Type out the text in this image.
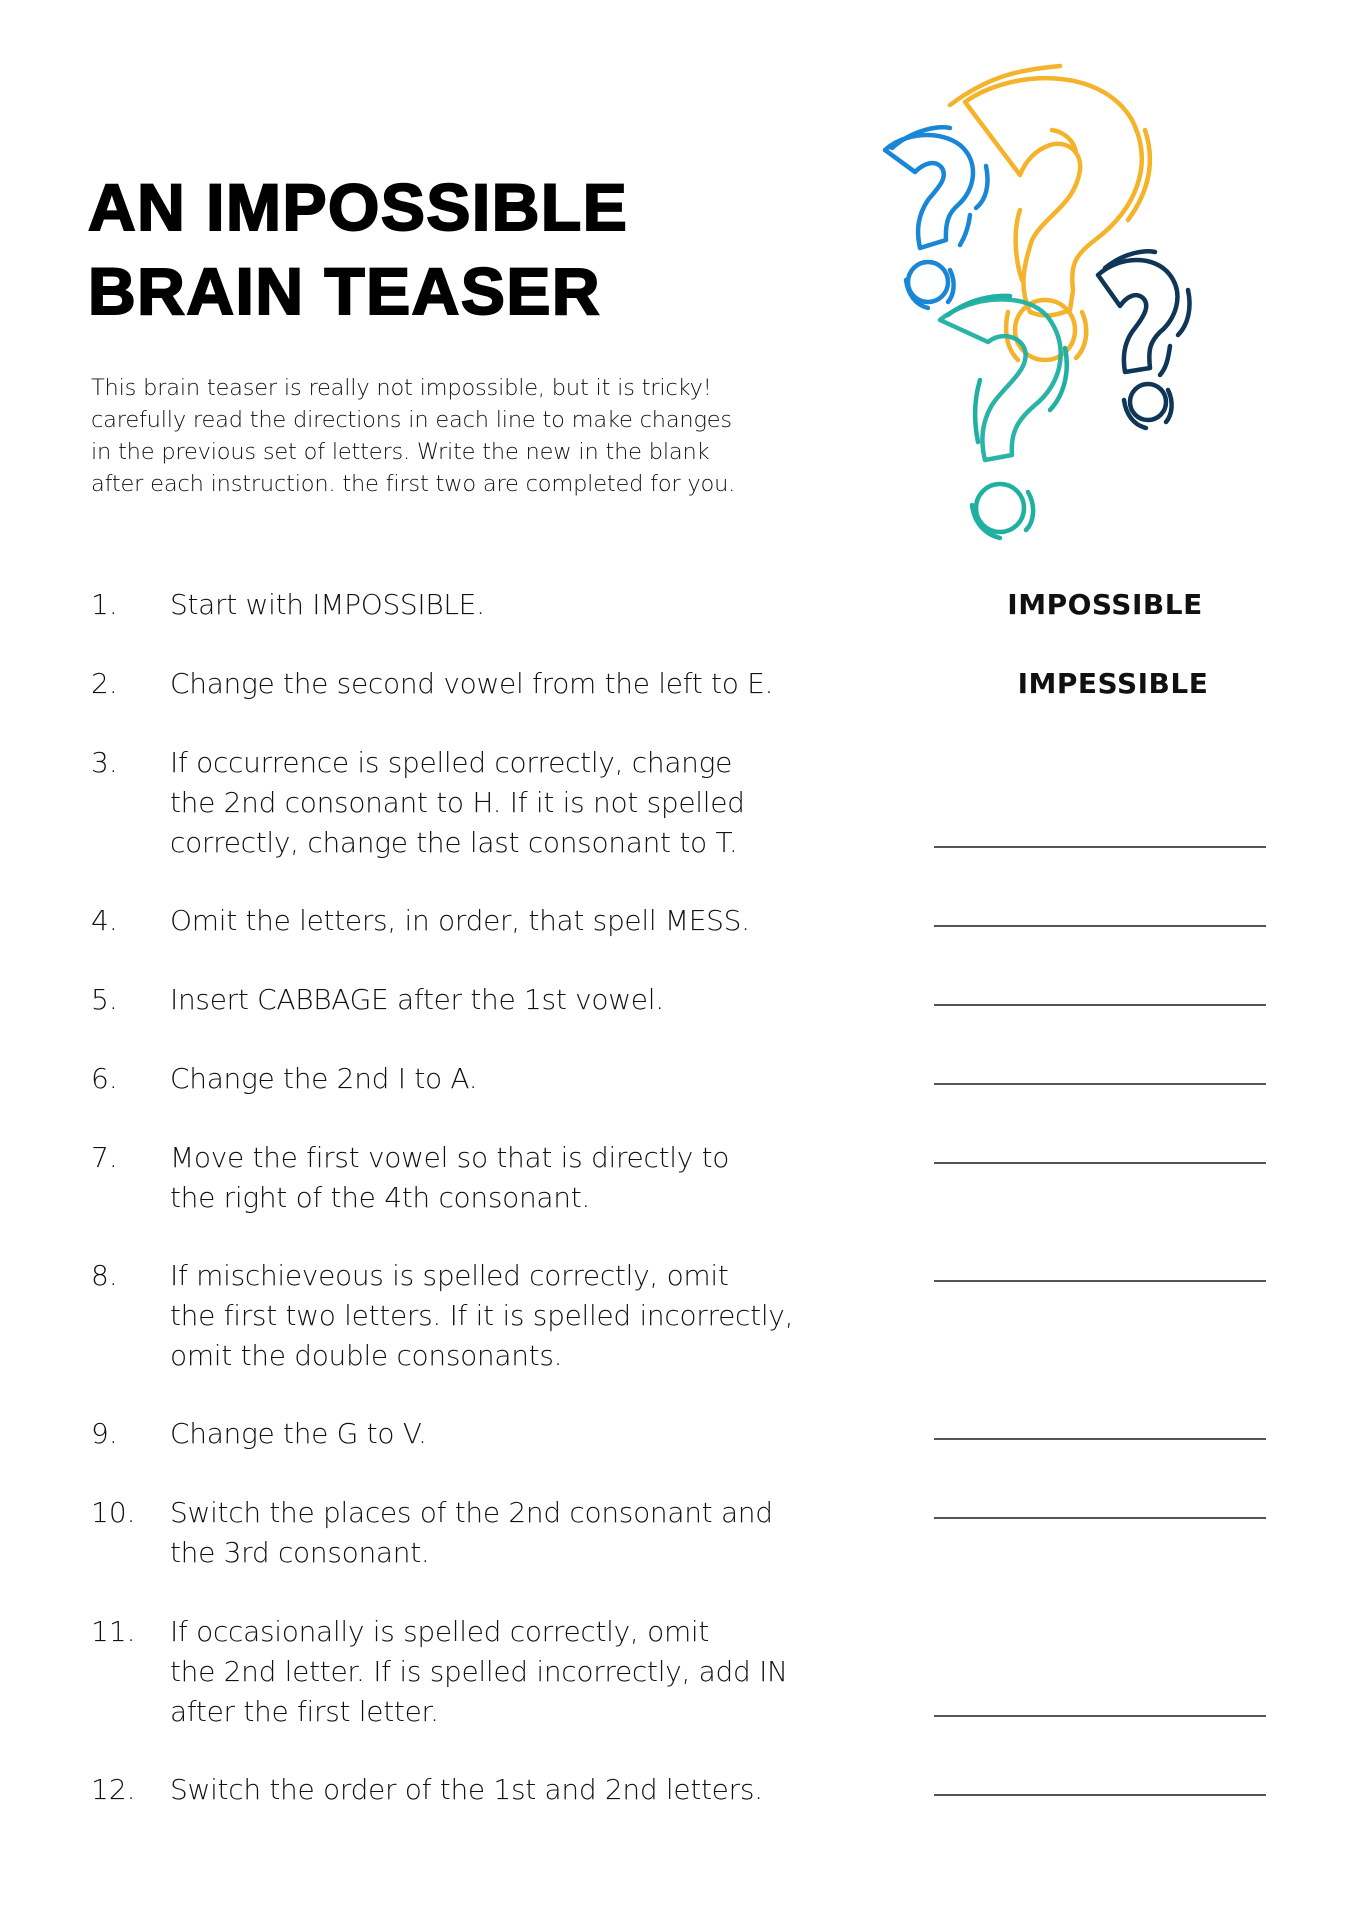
AN IMPOSSIBLE
BRAIN TEASER

This brain teaser is really not impossible, but it is tricky!
carefully read the directions in each line to make changes
in the previous set of letters. Write the new in the blank
after each instruction. the first two are completed for you.

1. Start with IMPOSSIBLE.	IMPOSSIBLE
2. Change the second vowel from the left to E.	IMPESSIBLE
3. If occurrence is spelled correctly, change
the 2nd consonant to H. If it is not spelled
correctly, change the last consonant to T.
4. Omit the letters, in order, that spell MESS.
5. Insert CABBAGE after the 1st vowel.
6. Change the 2nd I to A.
7. Move the first vowel so that is directly to
the right of the 4th consonant.
8. If mischieveous is spelled correctly, omit
the first two letters. If it is spelled incorrectly,
omit the double consonants.
9. Change the G to V.
10. Switch the places of the 2nd consonant and
the 3rd consonant.
11. If occasionally is spelled correctly, omit
the 2nd letter. If is spelled incorrectly, add IN
after the first letter.
12. Switch the order of the 1st and 2nd letters.
